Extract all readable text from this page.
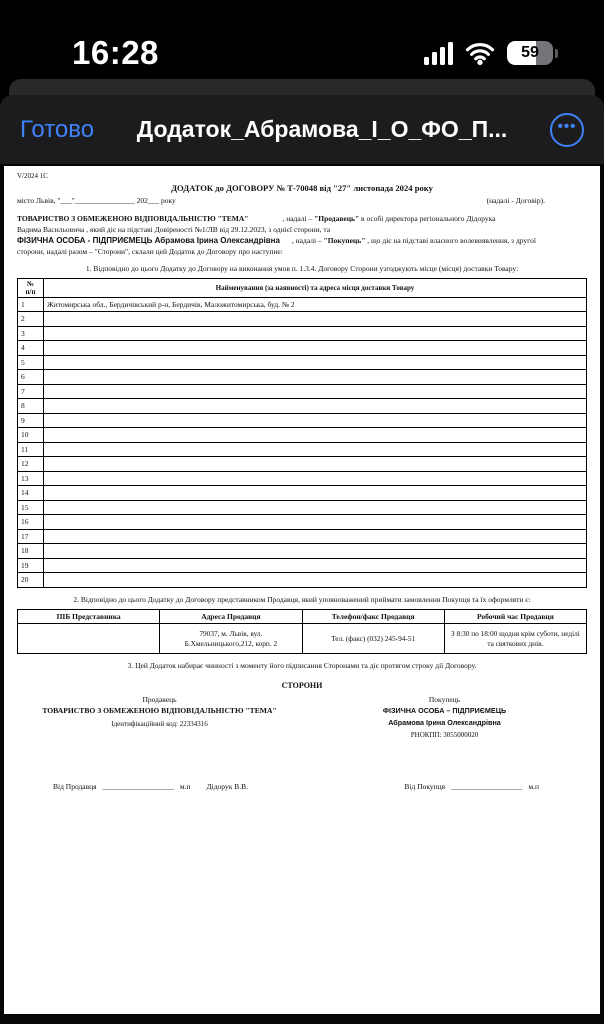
16:28	59
Готово	Додаток_Абрамова_І_О_ФО_П...	•••
V/2024 1С
ДОДАТОК до ДОГОВОРУ № Т-70048 від "27" листопада 2024 року
місто Львів, "___"________________ 202___ року	(надалі - Договір).
ТОВАРИСТВО З ОБМЕЖЕНОЮ ВІДПОВІДАЛЬНІСТЮ "ТЕМА"	, надалі – "Продавець" в особі директора регіонального Дідорука
Вадима Васильовича , який діє на підставі Довіреності №1/ЛВ від 29.12.2023, з однієї сторони, та
ФІЗИЧНА ОСОБА - ПІДПРИЄМЕЦЬ Абрамова Ірина Олександрівна , надалі – "Покупець" , що діє на підставі власного волевиявлення, з другої
сторони, надалі разом – "Сторони", склали цей Додаток до Договору про наступне:
1. Відповідно до цього Додатку до Договору на виконання умов п. 1.3.4. Договору Сторони узгоджують місце (місця) доставки Товару:
№
п/п	Найменування (за наявності) та адреса місця доставки Товару
1	Житомирська обл., Бердичівський р-н, Бердичів, Маложитомирська, буд. № 2
2	
3	
4	
5	
6	
7	
8	
9	
10	
11	
12	
13	
14	
15	
16	
17	
18	
19	
20	
2. Відповідно до цього Додатку до Договору представником Продавця, який уповноважений приймати замовлення Покупця та їх оформляти є:
ПІБ Представника	Адреса Продавця	Телефон/факс Продавця	Робочий час Продавця
	79037, м. Львів, вул. Б.Хмельницького,212, корп. 2	Тел. (факс) (032) 245-94-51	З 8:30 по 18:00 щодня крім суботи, неділі та святкових днів.
3. Цей Додаток набирає чинності з моменту його підписання Сторонами та діє протягом строку дії Договору.
СТОРОНИ
Продавець
ТОВАРИСТВО З ОБМЕЖЕНОЮ ВІДПОВІДАЛЬНІСТЮ "ТЕМА"
Ідентифікаційний код: 22334316
Покупець
ФІЗИЧНА ОСОБА – ПІДПРИЄМЕЦЬ
Абрамова Ірина Олександрівна
РНОКПП: 3055000020
Від Продавця ___________________ м.п Дідорук В.В.	Від Покупця ___________________ м.п
